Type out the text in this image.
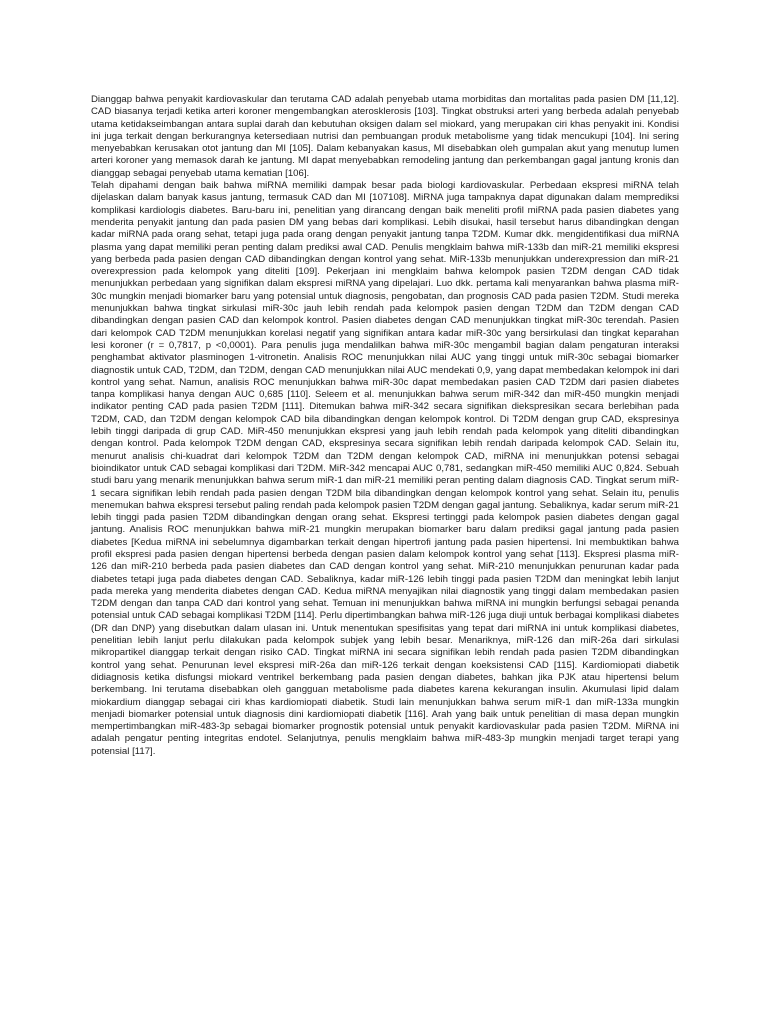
Dianggap bahwa penyakit kardiovaskular dan terutama CAD adalah penyebab utama morbiditas dan mortalitas pada pasien DM [11,12]. CAD biasanya terjadi ketika arteri koroner mengembangkan aterosklerosis [103]. Tingkat obstruksi arteri yang berbeda adalah penyebab utama ketidakseimbangan antara suplai darah dan kebutuhan oksigen dalam sel miokard, yang merupakan ciri khas penyakit ini. Kondisi ini juga terkait dengan berkurangnya ketersediaan nutrisi dan pembuangan produk metabolisme yang tidak mencukupi [104]. Ini sering menyebabkan kerusakan otot jantung dan MI [105]. Dalam kebanyakan kasus, MI disebabkan oleh gumpalan akut yang menutup lumen arteri koroner yang memasok darah ke jantung. MI dapat menyebabkan remodeling jantung dan perkembangan gagal jantung kronis dan dianggap sebagai penyebab utama kematian [106].

Telah dipahami dengan baik bahwa miRNA memiliki dampak besar pada biologi kardiovaskular. Perbedaan ekspresi miRNA telah dijelaskan dalam banyak kasus jantung, termasuk CAD dan MI [107108]. MiRNA juga tampaknya dapat digunakan dalam memprediksi komplikasi kardiologis diabetes. Baru-baru ini, penelitian yang dirancang dengan baik meneliti profil miRNA pada pasien diabetes yang menderita penyakit jantung dan pada pasien DM yang bebas dari komplikasi. Lebih disukai, hasil tersebut harus dibandingkan dengan kadar miRNA pada orang sehat, tetapi juga pada orang dengan penyakit jantung tanpa T2DM. Kumar dkk. mengidentifikasi dua miRNA plasma yang dapat memiliki peran penting dalam prediksi awal CAD. Penulis mengklaim bahwa miR-133b dan miR-21 memiliki ekspresi yang berbeda pada pasien dengan CAD dibandingkan dengan kontrol yang sehat. MiR-133b menunjukkan underexpression dan miR-21 overexpression pada kelompok yang diteliti [109]. Pekerjaan ini mengklaim bahwa kelompok pasien T2DM dengan CAD tidak menunjukkan perbedaan yang signifikan dalam ekspresi miRNA yang dipelajari. Luo dkk. pertama kali menyarankan bahwa plasma miR-30c mungkin menjadi biomarker baru yang potensial untuk diagnosis, pengobatan, dan prognosis CAD pada pasien T2DM. Studi mereka menunjukkan bahwa tingkat sirkulasi miR-30c jauh lebih rendah pada kelompok pasien dengan T2DM dan T2DM dengan CAD dibandingkan dengan pasien CAD dan kelompok kontrol. Pasien diabetes dengan CAD menunjukkan tingkat miR-30c terendah. Pasien dari kelompok CAD T2DM menunjukkan korelasi negatif yang signifikan antara kadar miR-30c yang bersirkulasi dan tingkat keparahan lesi koroner (r = 0,7817, p <0,0001). Para penulis juga mendalilkan bahwa miR-30c mengambil bagian dalam pengaturan interaksi penghambat aktivator plasminogen 1-vitronetin. Analisis ROC menunjukkan nilai AUC yang tinggi untuk miR-30c sebagai biomarker diagnostik untuk CAD, T2DM, dan T2DM, dengan CAD menunjukkan nilai AUC mendekati 0,9, yang dapat membedakan kelompok ini dari kontrol yang sehat. Namun, analisis ROC menunjukkan bahwa miR-30c dapat membedakan pasien CAD T2DM dari pasien diabetes tanpa komplikasi hanya dengan AUC 0,685 [110]. Seleem et al. menunjukkan bahwa serum miR-342 dan miR-450 mungkin menjadi indikator penting CAD pada pasien T2DM [111]. Ditemukan bahwa miR-342 secara signifikan diekspresikan secara berlebihan pada T2DM, CAD, dan T2DM dengan kelompok CAD bila dibandingkan dengan kelompok kontrol. Di T2DM dengan grup CAD, ekspresinya lebih tinggi daripada di grup CAD. MiR-450 menunjukkan ekspresi yang jauh lebih rendah pada kelompok yang diteliti dibandingkan dengan kontrol. Pada kelompok T2DM dengan CAD, ekspresinya secara signifikan lebih rendah daripada kelompok CAD. Selain itu, menurut analisis chi-kuadrat dari kelompok T2DM dan T2DM dengan kelompok CAD, miRNA ini menunjukkan potensi sebagai bioindikator untuk CAD sebagai komplikasi dari T2DM. MiR-342 mencapai AUC 0,781, sedangkan miR-450 memiliki AUC 0,824. Sebuah studi baru yang menarik menunjukkan bahwa serum miR-1 dan miR-21 memiliki peran penting dalam diagnosis CAD. Tingkat serum miR-1 secara signifikan lebih rendah pada pasien dengan T2DM bila dibandingkan dengan kelompok kontrol yang sehat. Selain itu, penulis menemukan bahwa ekspresi tersebut paling rendah pada kelompok pasien T2DM dengan gagal jantung. Sebaliknya, kadar serum miR-21 lebih tinggi pada pasien T2DM dibandingkan dengan orang sehat. Ekspresi tertinggi pada kelompok pasien diabetes dengan gagal jantung. Analisis ROC menunjukkan bahwa miR-21 mungkin merupakan biomarker baru dalam prediksi gagal jantung pada pasien diabetes [Kedua miRNA ini sebelumnya digambarkan terkait dengan hipertrofi jantung pada pasien hipertensi. Ini membuktikan bahwa profil ekspresi pada pasien dengan hipertensi berbeda dengan pasien dalam kelompok kontrol yang sehat [113]. Ekspresi plasma miR-126 dan miR-210 berbeda pada pasien diabetes dan CAD dengan kontrol yang sehat. MiR-210 menunjukkan penurunan kadar pada diabetes tetapi juga pada diabetes dengan CAD. Sebaliknya, kadar miR-126 lebih tinggi pada pasien T2DM dan meningkat lebih lanjut pada mereka yang menderita diabetes dengan CAD. Kedua miRNA menyajikan nilai diagnostik yang tinggi dalam membedakan pasien T2DM dengan dan tanpa CAD dari kontrol yang sehat. Temuan ini menunjukkan bahwa miRNA ini mungkin berfungsi sebagai penanda potensial untuk CAD sebagai komplikasi T2DM [114]. Perlu dipertimbangkan bahwa miR-126 juga diuji untuk berbagai komplikasi diabetes (DR dan DNP) yang disebutkan dalam ulasan ini. Untuk menentukan spesifisitas yang tepat dari miRNA ini untuk komplikasi diabetes, penelitian lebih lanjut perlu dilakukan pada kelompok subjek yang lebih besar. Menariknya, miR-126 dan miR-26a dari sirkulasi mikropartikel dianggap terkait dengan risiko CAD. Tingkat miRNA ini secara signifikan lebih rendah pada pasien T2DM dibandingkan kontrol yang sehat. Penurunan level ekspresi miR-26a dan miR-126 terkait dengan koeksistensi CAD [115]. Kardiomiopati diabetik didiagnosis ketika disfungsi miokard ventrikel berkembang pada pasien dengan diabetes, bahkan jika PJK atau hipertensi belum berkembang. Ini terutama disebabkan oleh gangguan metabolisme pada diabetes karena kekurangan insulin. Akumulasi lipid dalam miokardium dianggap sebagai ciri khas kardiomiopati diabetik. Studi lain menunjukkan bahwa serum miR-1 dan miR-133a mungkin menjadi biomarker potensial untuk diagnosis dini kardiomiopati diabetik [116]. Arah yang baik untuk penelitian di masa depan mungkin mempertimbangkan miR-483-3p sebagai biomarker prognostik potensial untuk penyakit kardiovaskular pada pasien T2DM. MiRNA ini adalah pengatur penting integritas endotel. Selanjutnya, penulis mengklaim bahwa miR-483-3p mungkin menjadi target terapi yang potensial [117].
